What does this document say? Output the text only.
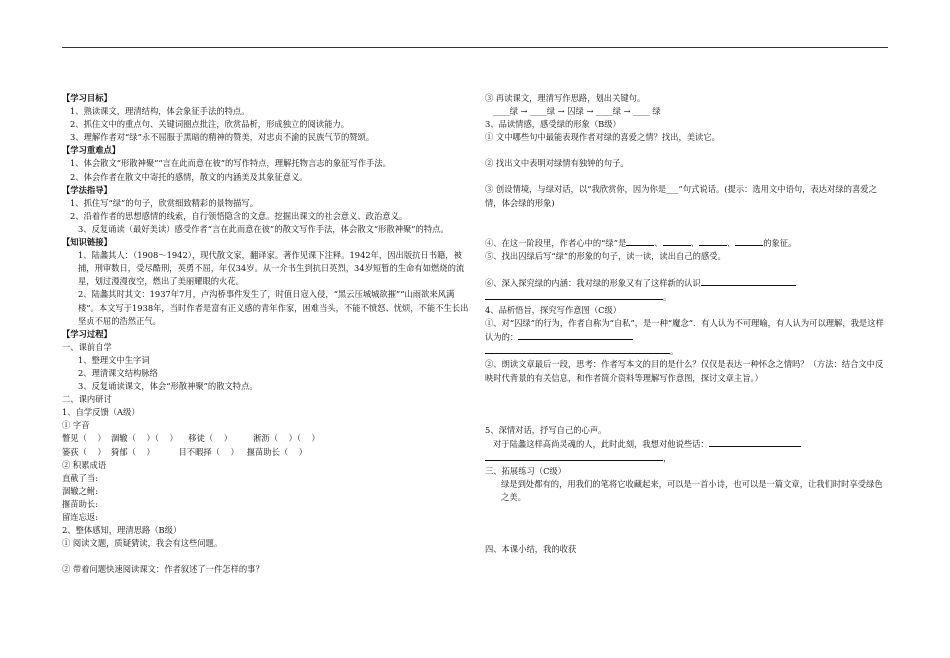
【学习目标】
1、熟读课文，理清结构，体会象征手法的特点。
2、抓住文中的重点句、关键词圈点批注，欣赏品析，形成独立的阅读能力。
3、理解作者对“绿”永不屈服于黑暗的精神的赞美，对忠贞不渝的民族气节的赞颂。
【学习重难点】
1、体会散文“形散神聚”“言在此而意在彼”的写作特点，理解托物言志的象征写作手法。
2、体会作者在散文中寄托的感情，散文的内涵美及其象征意义。
【学法指导】
1、抓住写“绿”的句子，欣赏细致精彩的景物描写。
2、沿着作者的思想感情的线索，自行领悟隐含的文意。挖掘出课文的社会意义、政治意义。
3、反复诵读（最好美读）感受作者“言在此而意在彼”的散文写作手法，体会散文“形散神聚”的特点。
【知识链接】
1、陆蠡其人：（1908～1942），现代散文家，翻译家。著作见课下注释。1942年，因出版抗日书籍，被捕，刑审数日，受尽酷刑，英勇不屈，年仅34岁。从一介书生到抗日英烈，34岁短暂的生命有如燃烧的流星，划过漫漫夜空，燃出了美丽耀眼的火花。
2、陆蠡其时其文：1937年7月，卢沟桥事件发生了，时值日寇入侵，“黑云压城城欲摧”“山雨欲来风满楼”。本文写于1938年，当时作者是富有正义感的青年作家，困难当头，不能不愤怒、忧烦，不能不生长出坚贞不屈的浩然正气。
【学习过程】
一、课前自学
1、整理文中生字词
2、理清课文结构脉络
3、反复诵读课文，体会“形散神聚”的散文特点。
二、课内研讨
1、自学反馈（A级）
① 字音
瞥见（    ）  涸辙（    ）（    ）    移徒（    ）        淅沥（    ）（    ）
篓荻（    ）  猗郁（    ）         目不暇择（    ）   揠苗助长（    ）
② 积累成语
直截了当:
涸辙之鲋:
揠苗助长:
留连忘返:
2、整体感知，理清思路（B级）
① 阅读文题，质疑猜读，我会有这些问题。
② 带着问题快速阅读课文：作者叙述了一件怎样的事？
③ 再读课文，理清写作思路，划出关键句。
____绿 → ____绿 → 囚绿 → ____绿 → ____ 绿
3、品读情感，感受绿的形象（B级）
① 文中哪些句中最能表现作者对绿的喜爱之情？找出，美读它。
② 找出文中表明对绿情有独钟的句子。
③ 创设情境，与绿对话，以“我欣赏你，因为你是___”句式说话。(提示：选用文中语句，表达对绿的喜爱之情，体会绿的形象)
④、在这一阶段里，作者心中的“绿”是	、	、	、	的象征。
⑤、找出囚绿后写“绿”的形象的句子，读一读，读出自己的感受。
⑥、深入探究绿的内涵：我对绿的形象又有了这样新的认识
。
4、品析悟旨，探究写作意图（C级）
①、对“囚绿”的行为，作者自称为“自私”，是一种“魔念”．有人认为不可理喻，有人认为可以理解，我是这样认为的：
。
②、朗读文章最后一段，思考：作者写本文的目的是什么？仅仅是表达一种怀念之情吗？（方法：结合文中反映时代背景的有关信息，和作者简介资料等理解写作意图，探讨文章主旨。）
5、深情对话，抒写自己的心声。
对于陆蠡这样高尚灵魂的人，此时此刻，我想对他说些话：
，
三、拓展练习（C级）
绿是到处都有的，用我们的笔将它收藏起来，可以是一首小诗，也可以是一篇文章，让我们时时享受绿色之美。
四、本课小结，我的收获
